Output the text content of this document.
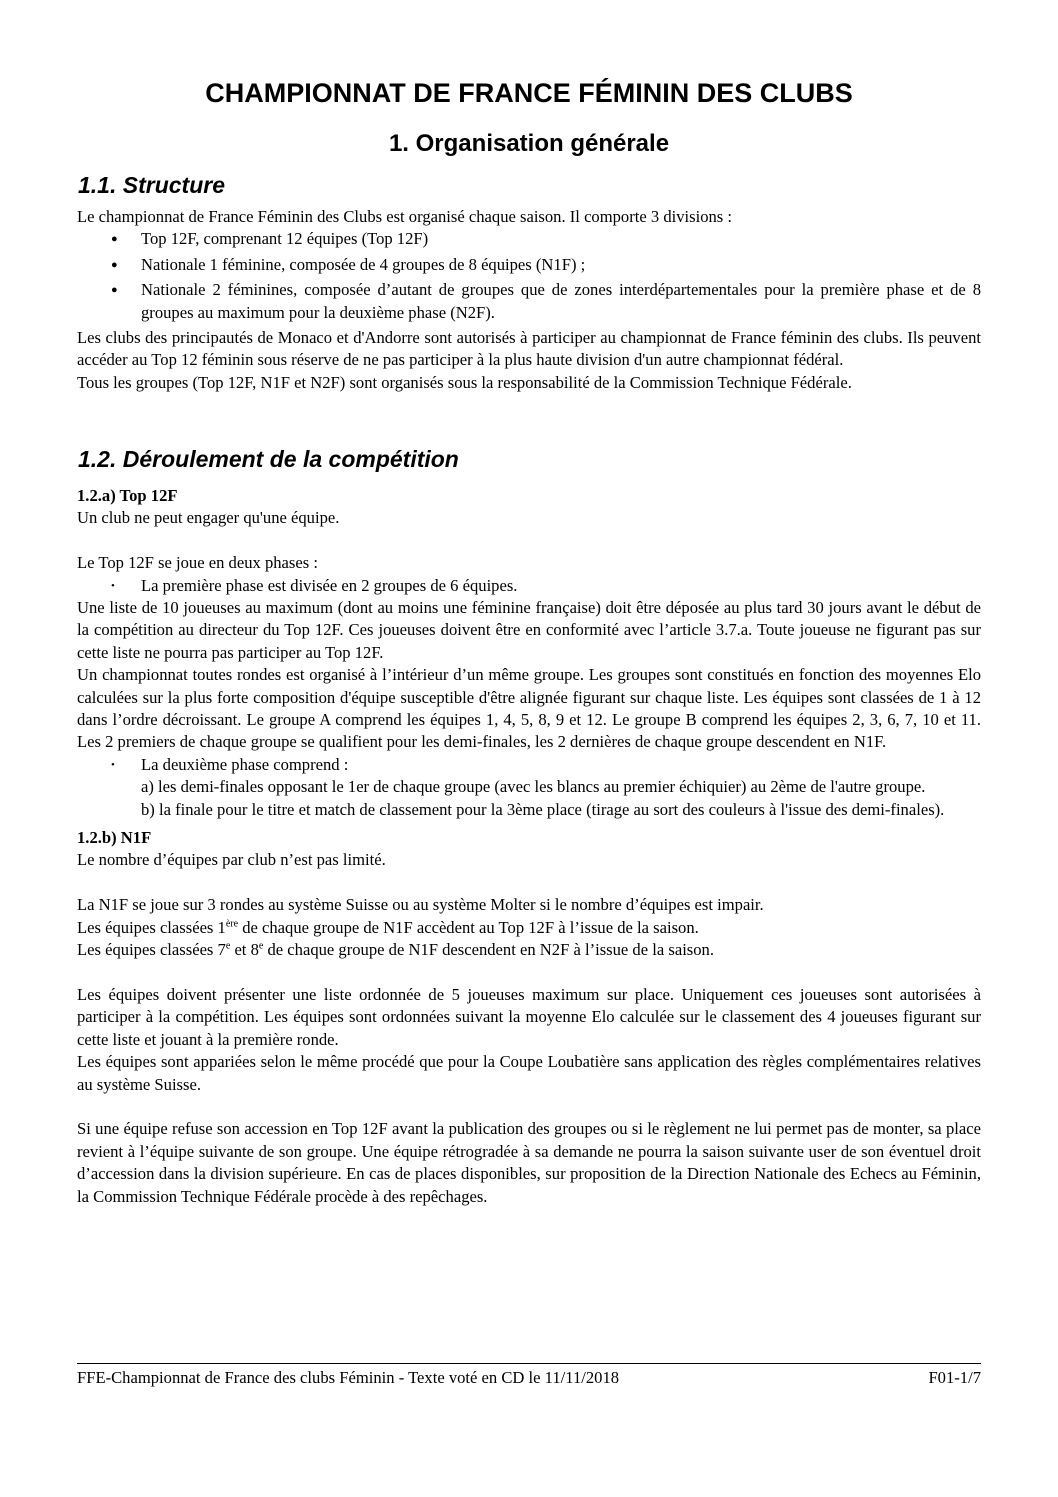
CHAMPIONNAT DE FRANCE FÉMININ DES CLUBS
1. Organisation générale
1.1. Structure

Le championnat de France Féminin des Clubs est organisé chaque saison. Il comporte 3 divisions :

● Top 12F, comprenant 12 équipes (Top 12F)
● Nationale 1 féminine, composée de 4 groupes de 8 équipes (N1F) ;
● Nationale 2 féminines, composée d’autant de groupes que de zones interdépartementales pour la première phase et de 8 groupes au maximum pour la deuxième phase (N2F).

Les clubs des principautés de Monaco et d'Andorre sont autorisés à participer au championnat de France féminin des clubs. Ils peuvent accéder au Top 12 féminin sous réserve de ne pas participer à la plus haute division d'un autre championnat fédéral.

Tous les groupes (Top 12F, N1F et N2F) sont organisés sous la responsabilité de la Commission Technique Fédérale.

1.2. Déroulement de la compétition

1.2.a) Top 12F

Un club ne peut engager qu'une équipe.

Le Top 12F se joue en deux phases :

• La première phase est divisée en 2 groupes de 6 équipes.

Une liste de 10 joueuses au maximum (dont au moins une féminine française) doit être déposée au plus tard 30 jours avant le début de la compétition au directeur du Top 12F. Ces joueuses doivent être en conformité avec l’article 3.7.a. Toute joueuse ne figurant pas sur cette liste ne pourra pas participer au Top 12F.

Un championnat toutes rondes est organisé à l’intérieur d’un même groupe. Les groupes sont constitués en fonction des moyennes Elo calculées sur la plus forte composition d'équipe susceptible d'être alignée figurant sur chaque liste. Les équipes sont classées de 1 à 12 dans l’ordre décroissant. Le groupe A comprend les équipes 1, 4, 5, 8, 9 et 12. Le groupe B comprend les équipes 2, 3, 6, 7, 10 et 11. Les 2 premiers de chaque groupe se qualifient pour les demi-finales, les 2 dernières de chaque groupe descendent en N1F.

• La deuxième phase comprend :

a) les demi-finales opposant le 1er de chaque groupe (avec les blancs au premier échiquier) au 2ème de l'autre groupe.

b) la finale pour le titre et match de classement pour la 3ème place (tirage au sort des couleurs à l'issue des demi-finales).

1.2.b) N1F

Le nombre d’équipes par club n’est pas limité.

La N1F se joue sur 3 rondes au système Suisse ou au système Molter si le nombre d’équipes est impair.

Les équipes classées 1ère de chaque groupe de N1F accèdent au Top 12F à l’issue de la saison.

Les équipes classées 7e et 8e de chaque groupe de N1F descendent en N2F à l’issue de la saison.

Les équipes doivent présenter une liste ordonnée de 5 joueuses maximum sur place. Uniquement ces joueuses sont autorisées à participer à la compétition. Les équipes sont ordonnées suivant la moyenne Elo calculée sur le classement des 4 joueuses figurant sur cette liste et jouant à la première ronde.

Les équipes sont appariées selon le même procédé que pour la Coupe Loubatière sans application des règles complémentaires relatives au système Suisse.

Si une équipe refuse son accession en Top 12F avant la publication des groupes ou si le règlement ne lui permet pas de monter, sa place revient à l’équipe suivante de son groupe. Une équipe rétrogradée à sa demande ne pourra la saison suivante user de son éventuel droit d’accession dans la division supérieure. En cas de places disponibles, sur proposition de la Direction Nationale des Echecs au Féminin, la Commission Technique Fédérale procède à des repêchages.

FFE-Championnat de France des clubs Féminin - Texte voté en CD le 11/11/2018	F01-1/7
